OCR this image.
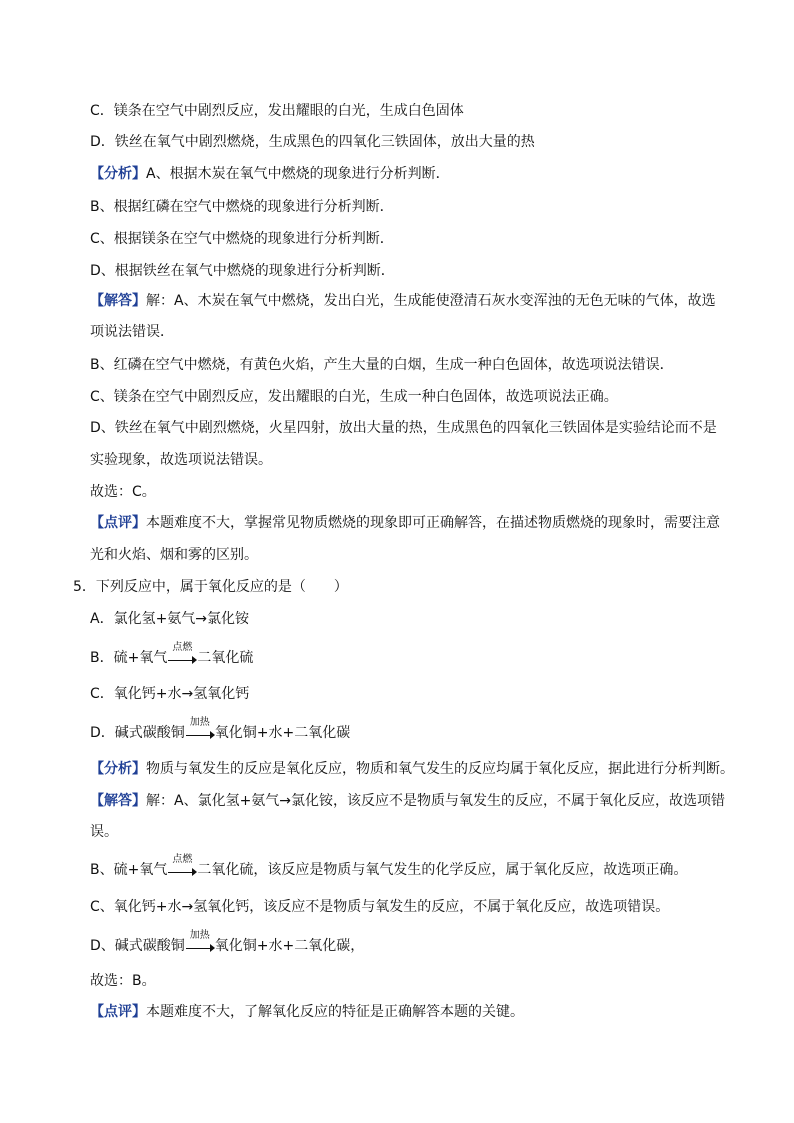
C．镁条在空气中剧烈反应，发出耀眼的白光，生成白色固体
D．铁丝在氧气中剧烈燃烧，生成黑色的四氧化三铁固体，放出大量的热
【分析】A、根据木炭在氧气中燃烧的现象进行分析判断．
B、根据红磷在空气中燃烧的现象进行分析判断．
C、根据镁条在空气中燃烧的现象进行分析判断．
D、根据铁丝在氧气中燃烧的现象进行分析判断．
【解答】解：A、木炭在氧气中燃烧，发出白光，生成能使澄清石灰水变浑浊的无色无味的气体，故选
项说法错误．
B、红磷在空气中燃烧，有黄色火焰，产生大量的白烟，生成一种白色固体，故选项说法错误．
C、镁条在空气中剧烈反应，发出耀眼的白光，生成一种白色固体，故选项说法正确。
D、铁丝在氧气中剧烈燃烧，火星四射，放出大量的热，生成黑色的四氧化三铁固体是实验结论而不是
实验现象，故选项说法错误。
故选：C。
【点评】本题难度不大，掌握常见物质燃烧的现象即可正确解答，在描述物质燃烧的现象时，需要注意
光和火焰、烟和雾的区别。
5．下列反应中，属于氧化反应的是（　　）
A．氯化氢+氨气→氯化铵
B．硫+氧气
点燃
二氧化硫
C．氧化钙+水→氢氧化钙
D．碱式碳酸铜
加热
氧化铜+水+二氧化碳
【分析】物质与氧发生的反应是氧化反应，物质和氧气发生的反应均属于氧化反应，据此进行分析判断。
【解答】解：A、氯化氢+氨气→氯化铵，该反应不是物质与氧发生的反应，不属于氧化反应，故选项错
误。
B、硫+氧气
点燃
二氧化硫，该反应是物质与氧气发生的化学反应，属于氧化反应，故选项正确。
C、氧化钙+水→氢氧化钙，该反应不是物质与氧发生的反应，不属于氧化反应，故选项错误。
D、碱式碳酸铜
加热
氧化铜+水+二氧化碳，
故选：B。
【点评】本题难度不大，了解氧化反应的特征是正确解答本题的关键。
